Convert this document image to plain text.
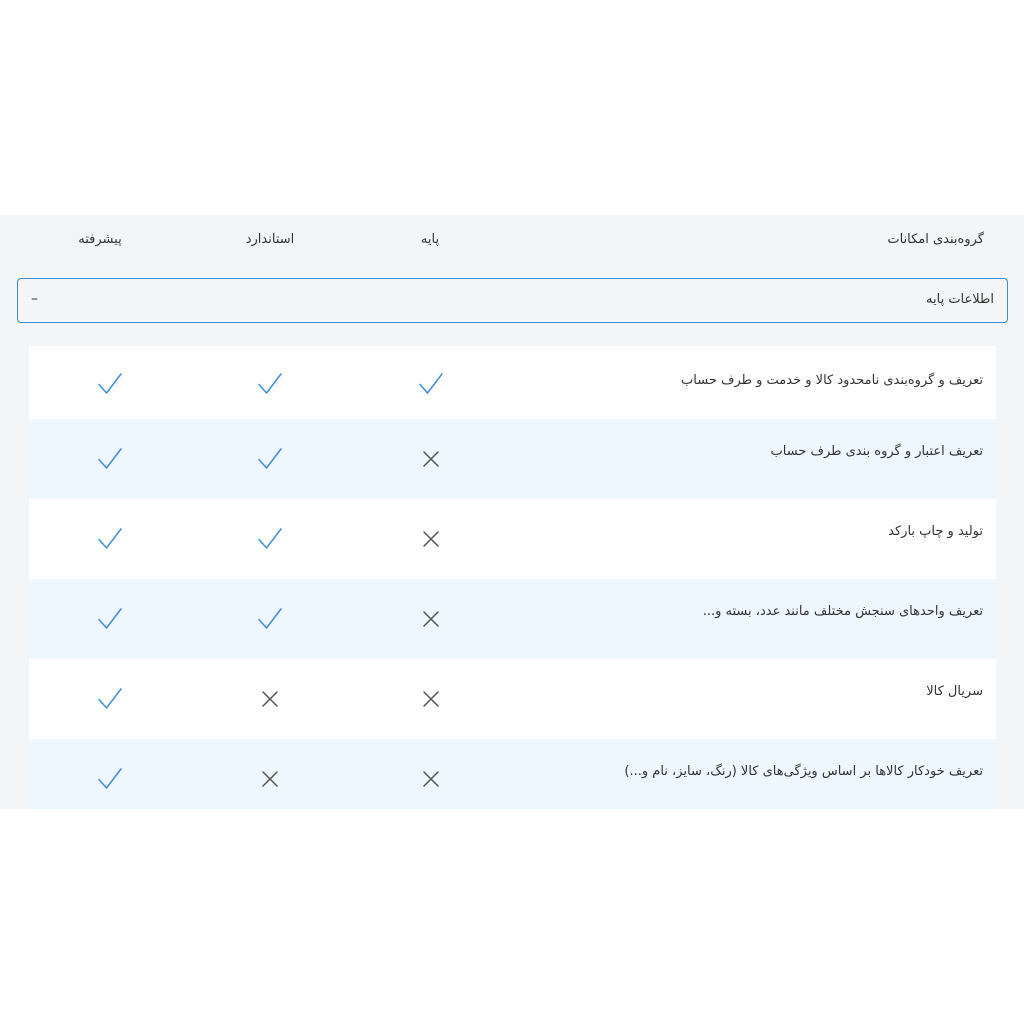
گروه‌بندی امکانات
پایه
استاندارد
پیشرفته
اطلاعات پایه
–
تعریف و گروه‌بندی نامحدود کالا و خدمت و طرف حساب
تعریف اعتبار و گروه بندی طرف حساب
تولید و چاپ بارکد
تعریف واحدهای سنجش مختلف مانند عدد، بسته و...
سریال کالا
تعریف خودکار کالاها بر اساس ویژگی‌های کالا (رنگ، سایز، نام و...)
